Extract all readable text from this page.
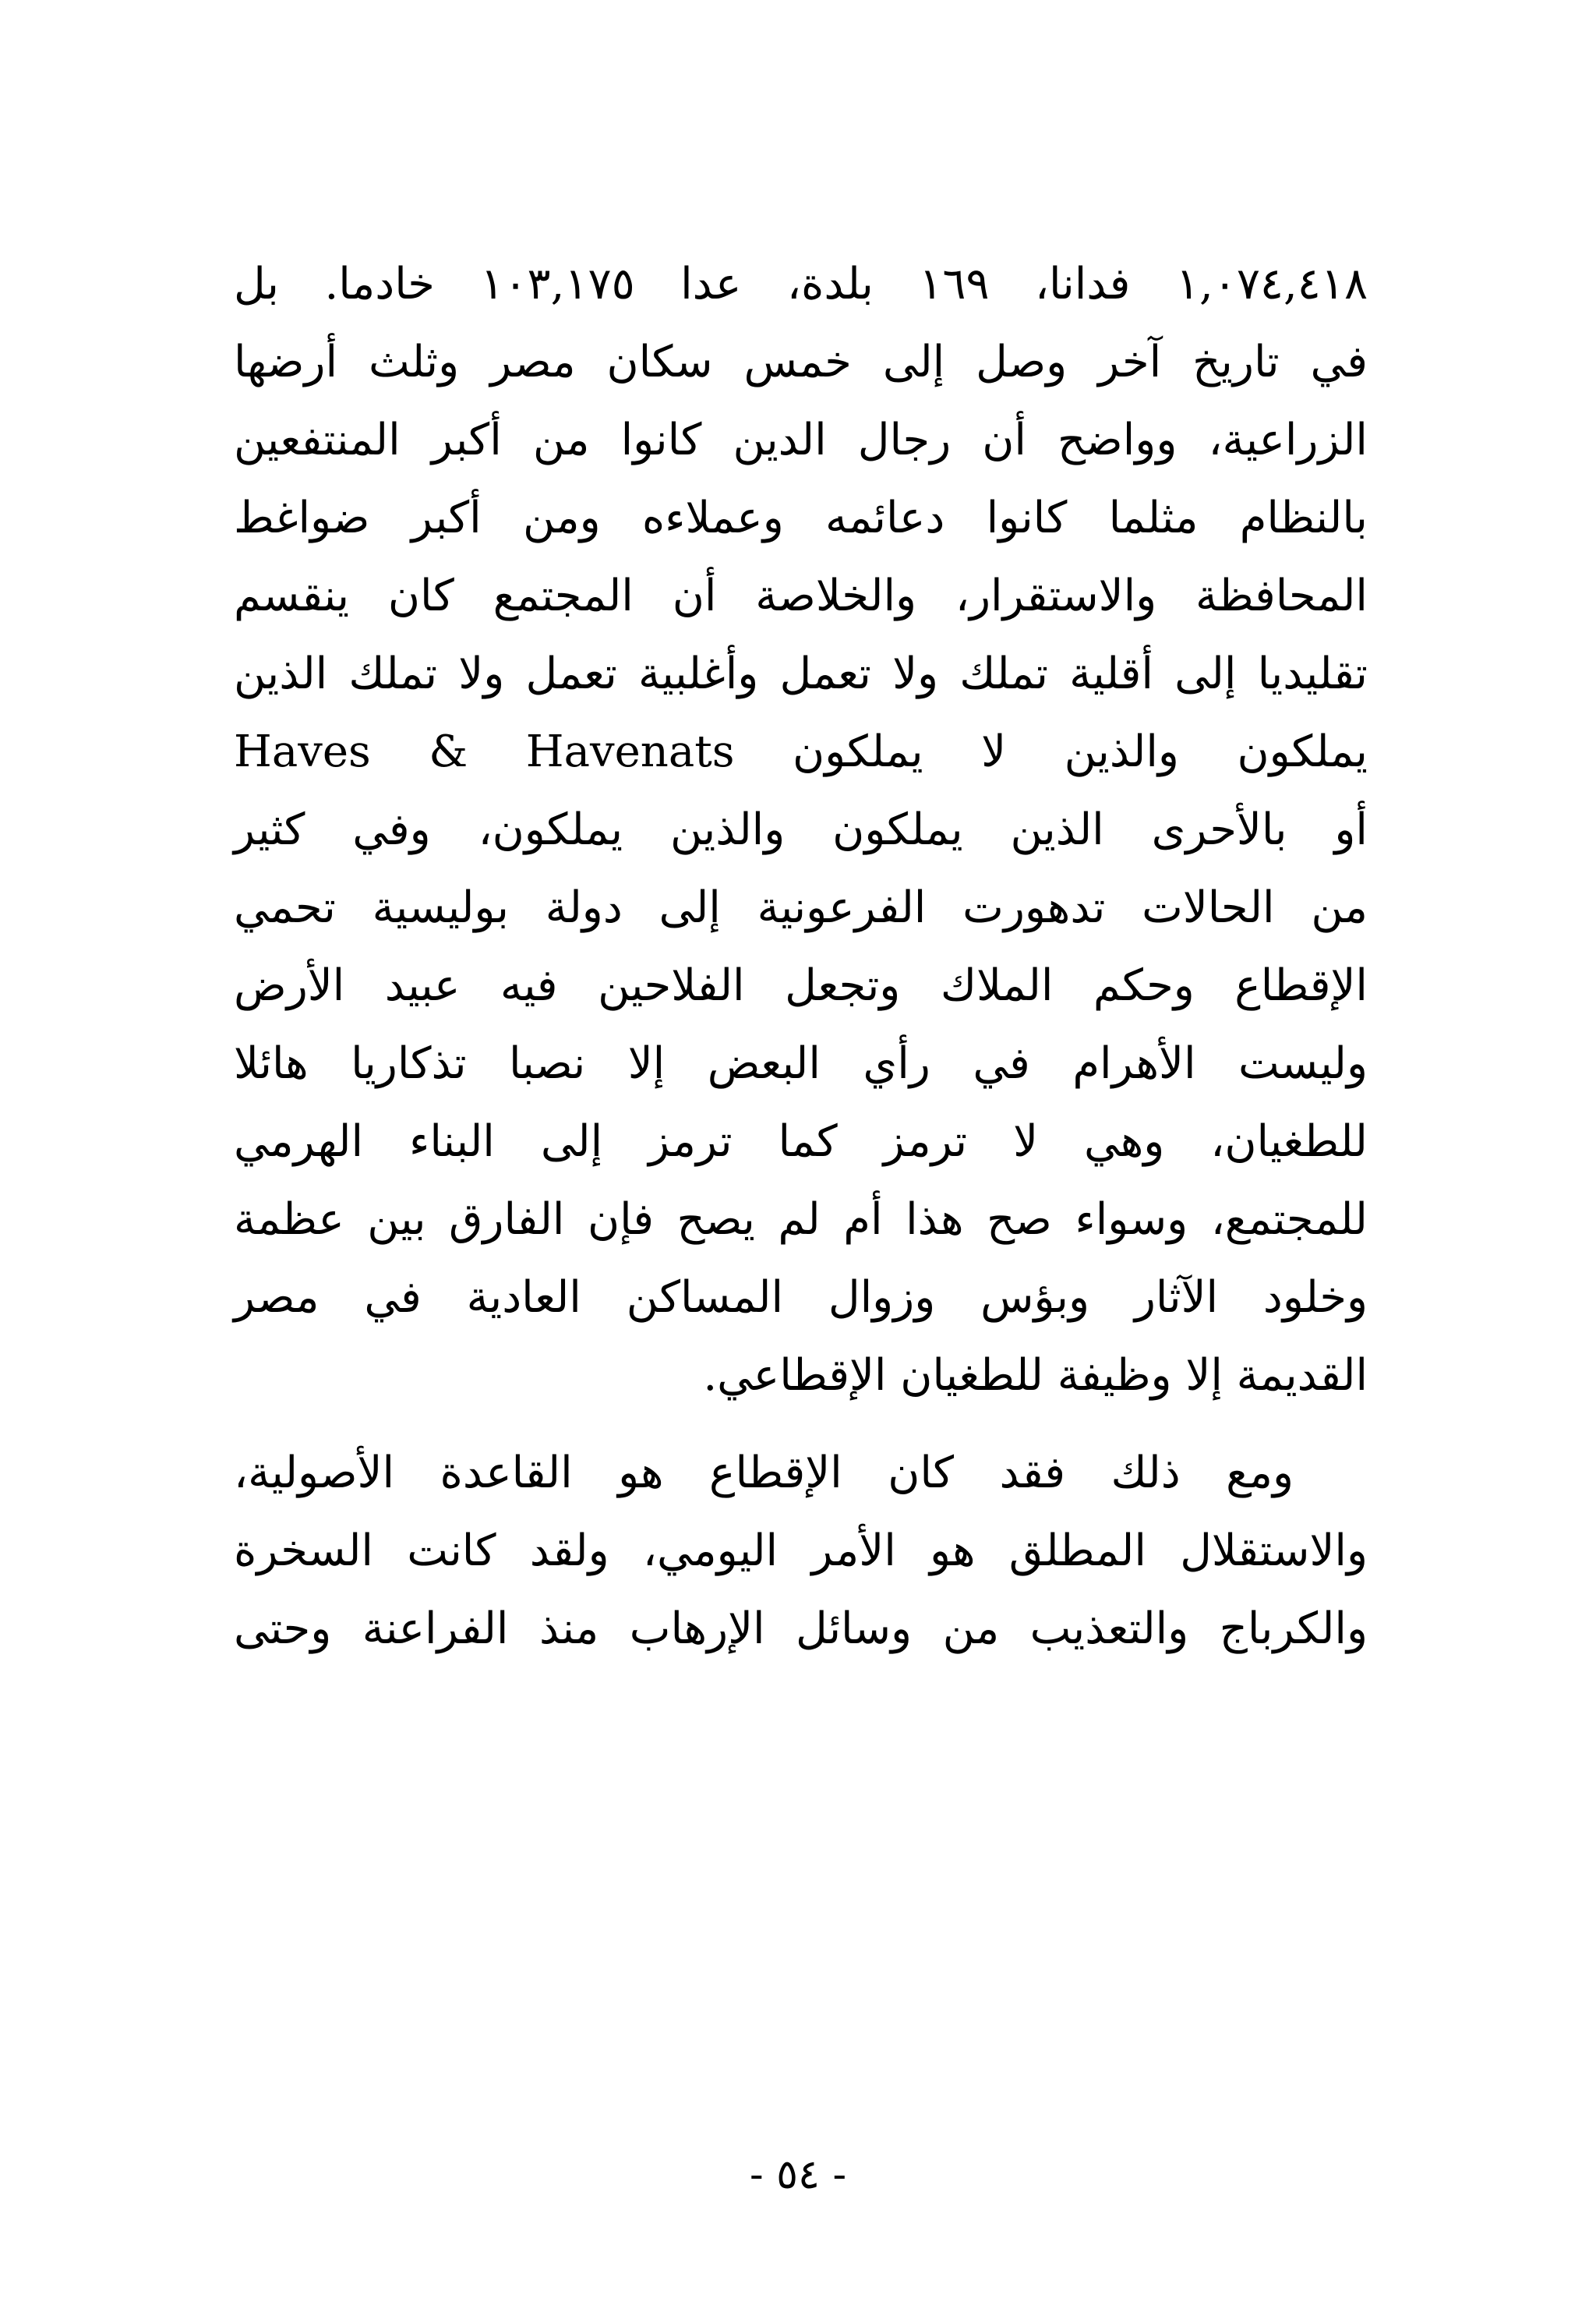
١,٠٧٤,٤١٨ فدانا، ١٦٩ بلدة، عدا ١٠٣,١٧٥ خادما. بل
في تاريخ آخر وصل إلى خمس سكان مصر وثلث أرضها
الزراعية، وواضح أن رجال الدين كانوا من أكبر المنتفعين
بالنظام مثلما كانوا دعائمه وعملاءه ومن أكبر ضواغط
المحافظة والاستقرار، والخلاصة أن المجتمع كان ينقسم
تقليديا إلى أقلية تملك ولا تعمل وأغلبية تعمل ولا تملك الذين
يملكون والذين لا يملكون Haves & Havenats
أو بالأحرى الذين يملكون والذين يملكون، وفي كثير
من الحالات تدهورت الفرعونية إلى دولة بوليسية تحمي
الإقطاع وحكم الملاك وتجعل الفلاحين فيه عبيد الأرض
وليست الأهرام في رأي البعض إلا نصبا تذكاريا هائلا
للطغيان، وهي لا ترمز كما ترمز إلى البناء الهرمي
للمجتمع، وسواء صح هذا أم لم يصح فإن الفارق بين عظمة
وخلود الآثار وبؤس وزوال المساكن العادية في مصر
القديمة إلا وظيفة للطغيان الإقطاعي.
ومع ذلك فقد كان الإقطاع هو القاعدة الأصولية،
والاستقلال المطلق هو الأمر اليومي، ولقد كانت السخرة
والكرباج والتعذيب من وسائل الإرهاب منذ الفراعنة وحتى
- ٥٤ -
